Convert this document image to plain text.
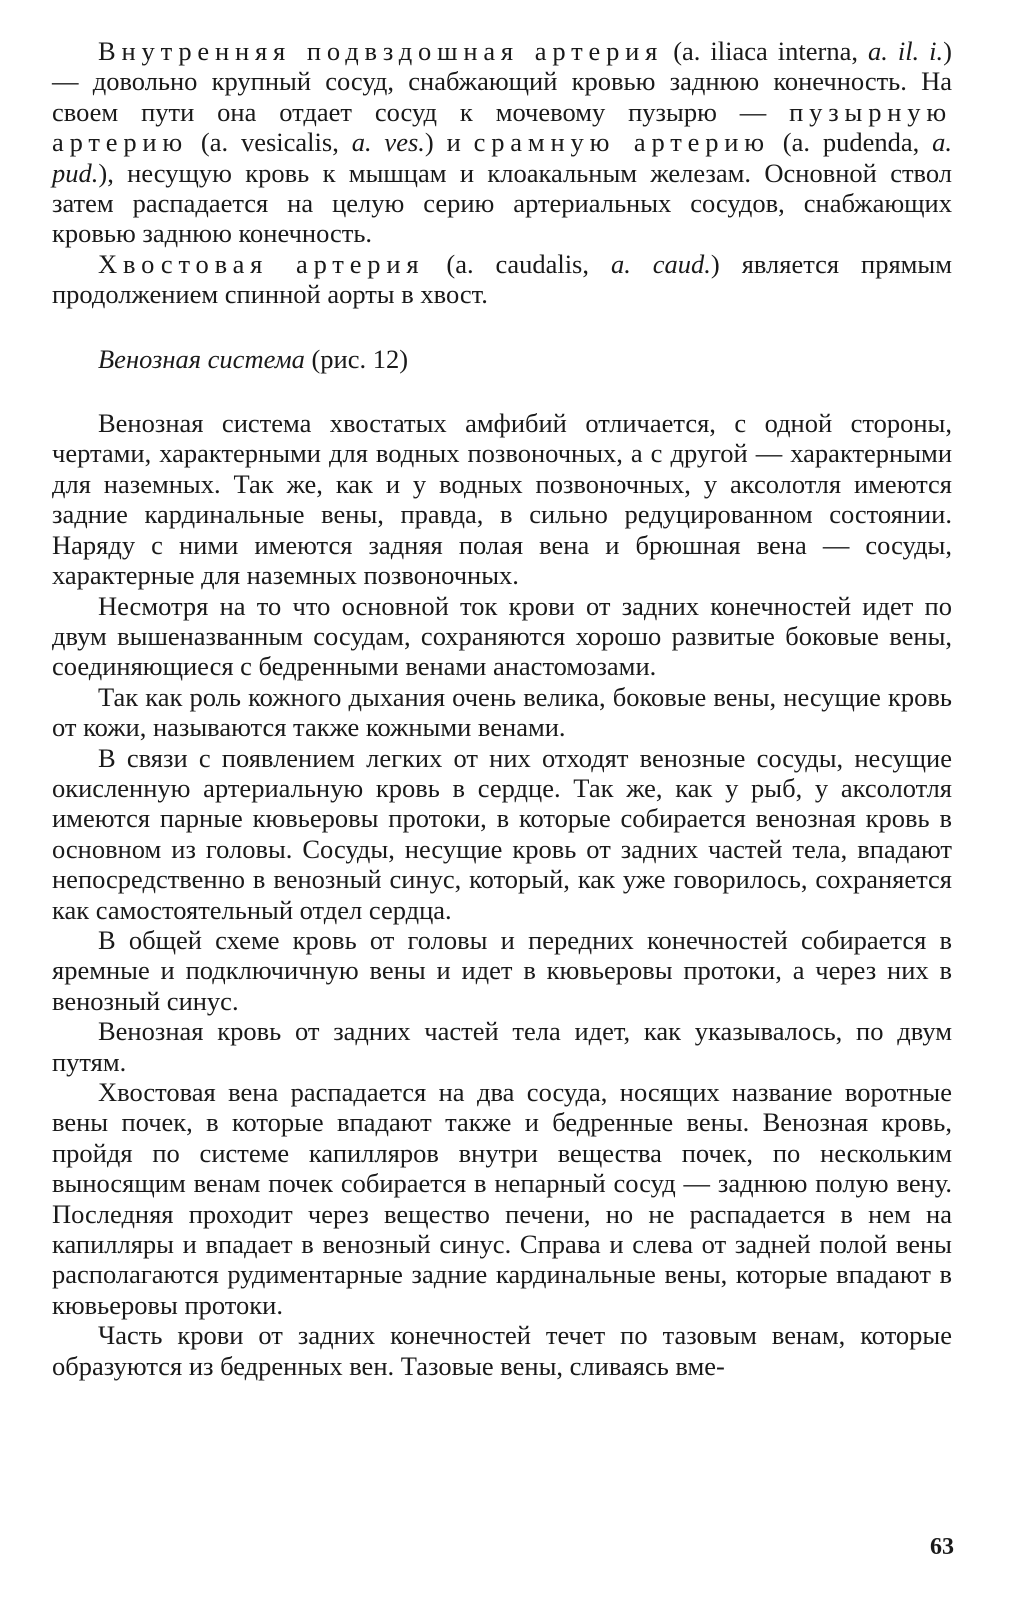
Внутренняя подвздошная артерия (a. iliaca interna, a. il. i.) — довольно крупный сосуд, снабжающий кровью заднюю конечность. На своем пути она отдает сосуд к мочевому пузырю — пузырную артерию (a. vesicalis, a. ves.) и срамную артерию (a. pudenda, a. pud.), несущую кровь к мышцам и клоакальным железам. Основной ствол затем распадается на целую серию артериальных сосудов, снабжающих кровью заднюю конечность.

Хвостовая артерия (a. caudalis, a. caud.) является прямым продолжением спинной аорты в хвост.

Венозная система (рис. 12)

Венозная система хвостатых амфибий отличается, с одной стороны, чертами, характерными для водных позвоночных, а с другой — характерными для наземных. Так же, как и у водных позвоночных, у аксолотля имеются задние кардинальные вены, правда, в сильно редуцированном состоянии. Наряду с ними имеются задняя полая вена и брюшная вена — сосуды, характерные для наземных позвоночных.

Несмотря на то что основной ток крови от задних конечностей идет по двум вышеназванным сосудам, сохраняются хорошо развитые боковые вены, соединяющиеся с бедренными венами анастомозами.

Так как роль кожного дыхания очень велика, боковые вены, несущие кровь от кожи, называются также кожными венами.

В связи с появлением легких от них отходят венозные сосуды, несущие окисленную артериальную кровь в сердце. Так же, как у рыб, у аксолотля имеются парные кювьеровы протоки, в которые собирается венозная кровь в основном из головы. Сосуды, несущие кровь от задних частей тела, впадают непосредственно в венозный синус, который, как уже говорилось, сохраняется как самостоятельный отдел сердца.

В общей схеме кровь от головы и передних конечностей собирается в яремные и подключичную вены и идет в кювьеровы протоки, а через них в венозный синус.

Венозная кровь от задних частей тела идет, как указывалось, по двум путям.

Хвостовая вена распадается на два сосуда, носящих название воротные вены почек, в которые впадают также и бедренные вены. Венозная кровь, пройдя по системе капилляров внутри вещества почек, по нескольким выносящим венам почек собирается в непарный сосуд — заднюю полую вену. Последняя проходит через вещество печени, но не распадается в нем на капилляры и впадает в венозный синус. Справа и слева от задней полой вены располагаются рудиментарные задние кардинальные вены, которые впадают в кювьеровы протоки.

Часть крови от задних конечностей течет по тазовым венам, которые образуются из бедренных вен. Тазовые вены, сливаясь вме-

63
